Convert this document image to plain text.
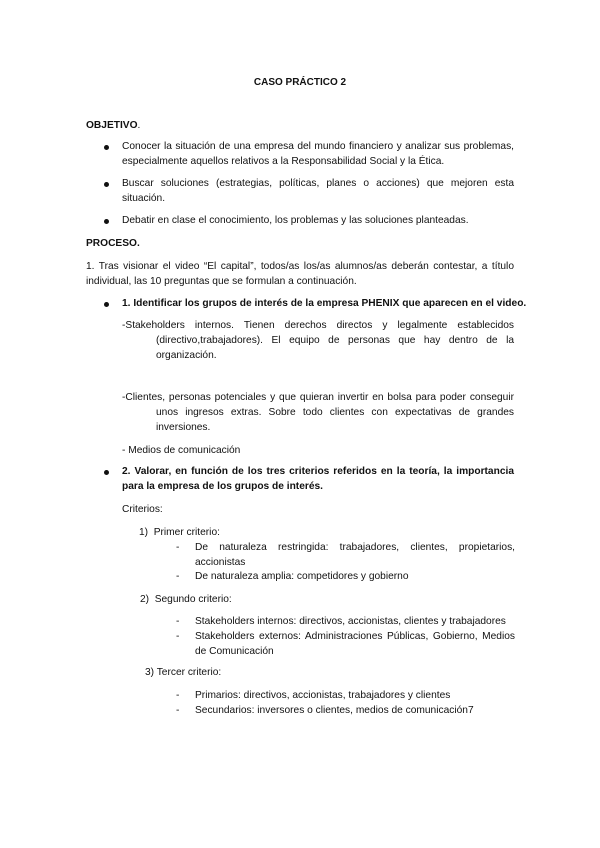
CASO PRÁCTICO 2
OBJETIVO.
Conocer la situación de una empresa del mundo financiero y analizar sus problemas, especialmente aquellos relativos a la Responsabilidad Social y la Ética.
Buscar soluciones (estrategias, políticas, planes o acciones) que mejoren esta situación.
Debatir en clase el conocimiento, los problemas y las soluciones planteadas.
PROCESO.
1. Tras visionar el video “El capital”, todos/as los/as alumnos/as deberán contestar, a título individual, las 10 preguntas que se formulan a continuación.
1. Identificar los grupos de interés de la empresa PHENIX que aparecen en el video.
-Stakeholders internos. Tienen derechos directos y legalmente establecidos (directivo,trabajadores). El equipo de personas que hay dentro de la organización.
-Clientes, personas potenciales y que quieran invertir en bolsa para poder conseguir unos ingresos extras. Sobre todo clientes con expectativas de grandes inversiones.
- Medios de comunicación
2. Valorar, en función de los tres criterios referidos en la teoría, la importancia para la empresa de los grupos de interés.
Criterios:
1)  Primer criterio:
- De naturaleza restringida: trabajadores, clientes, propietarios, accionistas
- De naturaleza amplia: competidores y gobierno
2)  Segundo criterio:
- Stakeholders internos: directivos, accionistas, clientes y trabajadores
- Stakeholders externos: Administraciones Públicas, Gobierno, Medios de Comunicación
3) Tercer criterio:
- Primarios: directivos, accionistas, trabajadores y clientes
- Secundarios: inversores o clientes, medios de comunicación7
